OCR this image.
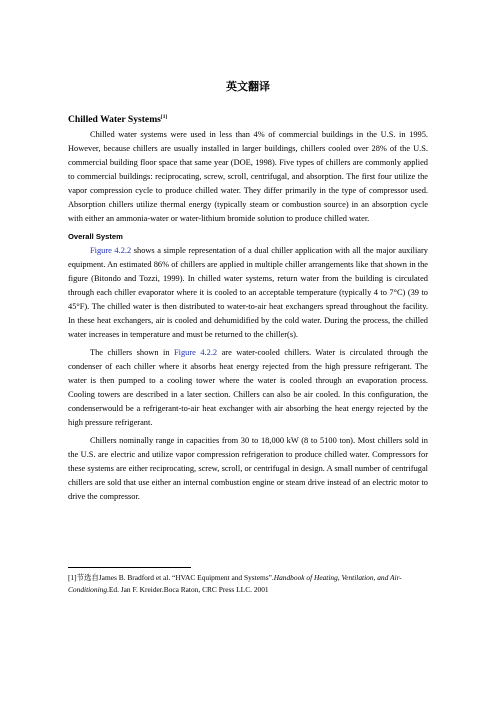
英文翻译
Chilled Water Systems[1]

Chilled water systems were used in less than 4% of commercial buildings in the U.S. in 1995. However, because chillers are usually installed in larger buildings, chillers cooled over 28% of the U.S. commercial building floor space that same year (DOE, 1998). Five types of chillers are commonly applied to commercial buildings: reciprocating, screw, scroll, centrifugal, and absorption. The first four utilize the vapor compression cycle to produce chilled water. They differ primarily in the type of compressor used. Absorption chillers utilize thermal energy (typically steam or combustion source) in an absorption cycle with either an ammonia-water or water-lithium bromide solution to produce chilled water.

Overall System

Figure 4.2.2 shows a simple representation of a dual chiller application with all the major auxiliary equipment. An estimated 86% of chillers are applied in multiple chiller arrangements like that shown in the figure (Bitondo and Tozzi, 1999). In chilled water systems, return water from the building is circulated through each chiller evaporator where it is cooled to an acceptable temperature (typically 4 to 7°C) (39 to 45°F). The chilled water is then distributed to water-to-air heat exchangers spread throughout the facility. In these heat exchangers, air is cooled and dehumidified by the cold water. During the process, the chilled water increases in temperature and must be returned to the chiller(s).

The chillers shown in Figure 4.2.2 are water-cooled chillers. Water is circulated through the condenser of each chiller where it absorbs heat energy rejected from the high pressure refrigerant. The water is then pumped to a cooling tower where the water is cooled through an evaporation process. Cooling towers are described in a later section. Chillers can also be air cooled. In this configuration, the condenserwould be a refrigerant-to-air heat exchanger with air absorbing the heat energy rejected by the high pressure refrigerant.

Chillers nominally range in capacities from 30 to 18,000 kW (8 to 5100 ton). Most chillers sold in the U.S. are electric and utilize vapor compression refrigeration to produce chilled water. Compressors for these systems are either reciprocating, screw, scroll, or centrifugal in design. A small number of centrifugal chillers are sold that use either an internal combustion engine or steam drive instead of an electric motor to drive the compressor.

[1]节选自James B. Bradford et al. “HVAC Equipment and Systems”.Handbook of Heating, Ventilation, and Air-Conditioning.Ed. Jan F. Kreider.Boca Raton, CRC Press LLC. 2001
